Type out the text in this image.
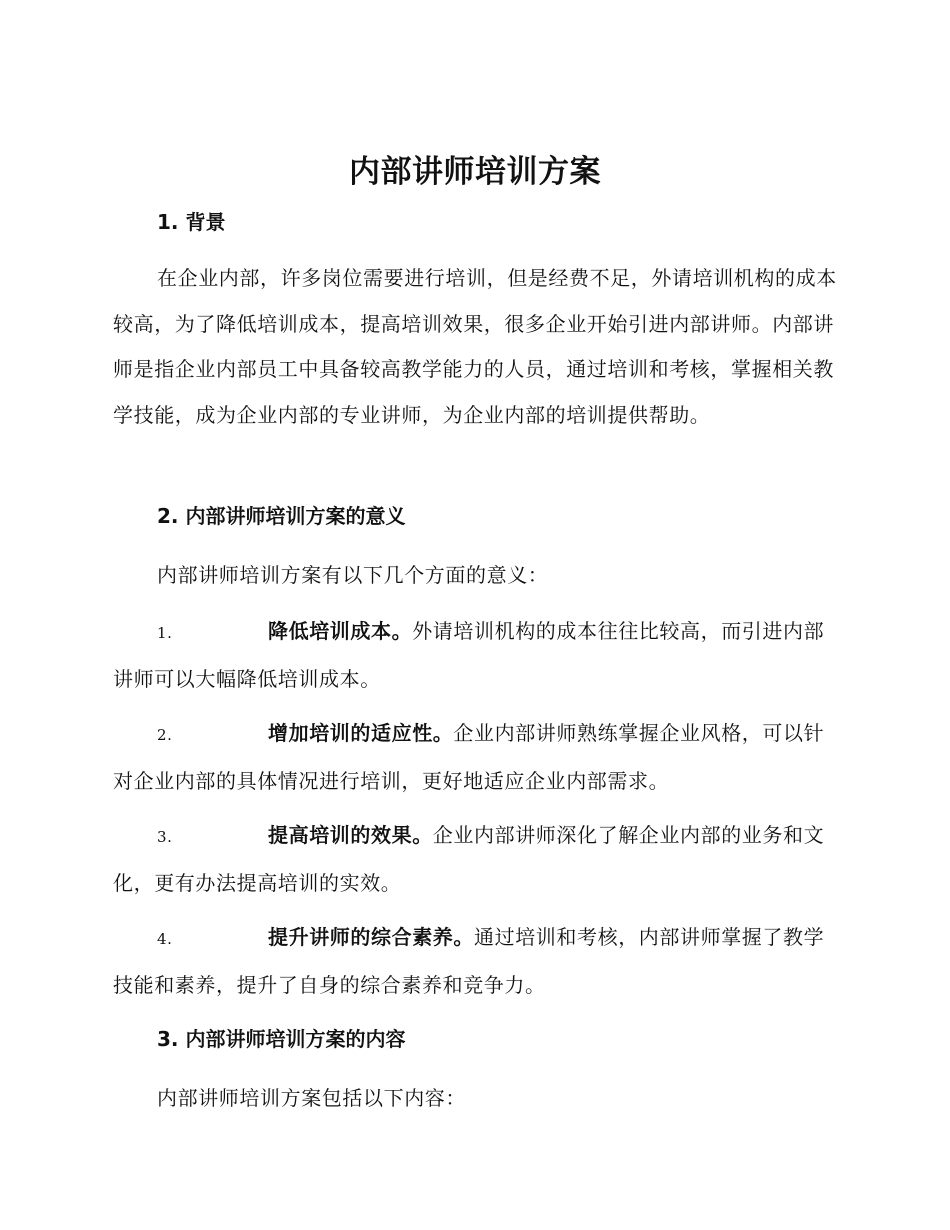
内部讲师培训方案
1. 背景

在企业内部，许多岗位需要进行培训，但是经费不足，外请培训机构的成本较高，为了降低培训成本，提高培训效果，很多企业开始引进内部讲师。内部讲师是指企业内部员工中具备较高教学能力的人员，通过培训和考核，掌握相关教学技能，成为企业内部的专业讲师，为企业内部的培训提供帮助。

2. 内部讲师培训方案的意义
内部讲师培训方案有以下几个方面的意义：

1.	降低培训成本。外请培训机构的成本往往比较高，而引进内部讲师可以大幅降低培训成本。

2.	增加培训的适应性。企业内部讲师熟练掌握企业风格，可以针对企业内部的具体情况进行培训，更好地适应企业内部需求。

3.	提高培训的效果。企业内部讲师深化了解企业内部的业务和文化，更有办法提高培训的实效。

4.	提升讲师的综合素养。通过培训和考核，内部讲师掌握了教学技能和素养，提升了自身的综合素养和竞争力。

3. 内部讲师培训方案的内容
内部讲师培训方案包括以下内容：
